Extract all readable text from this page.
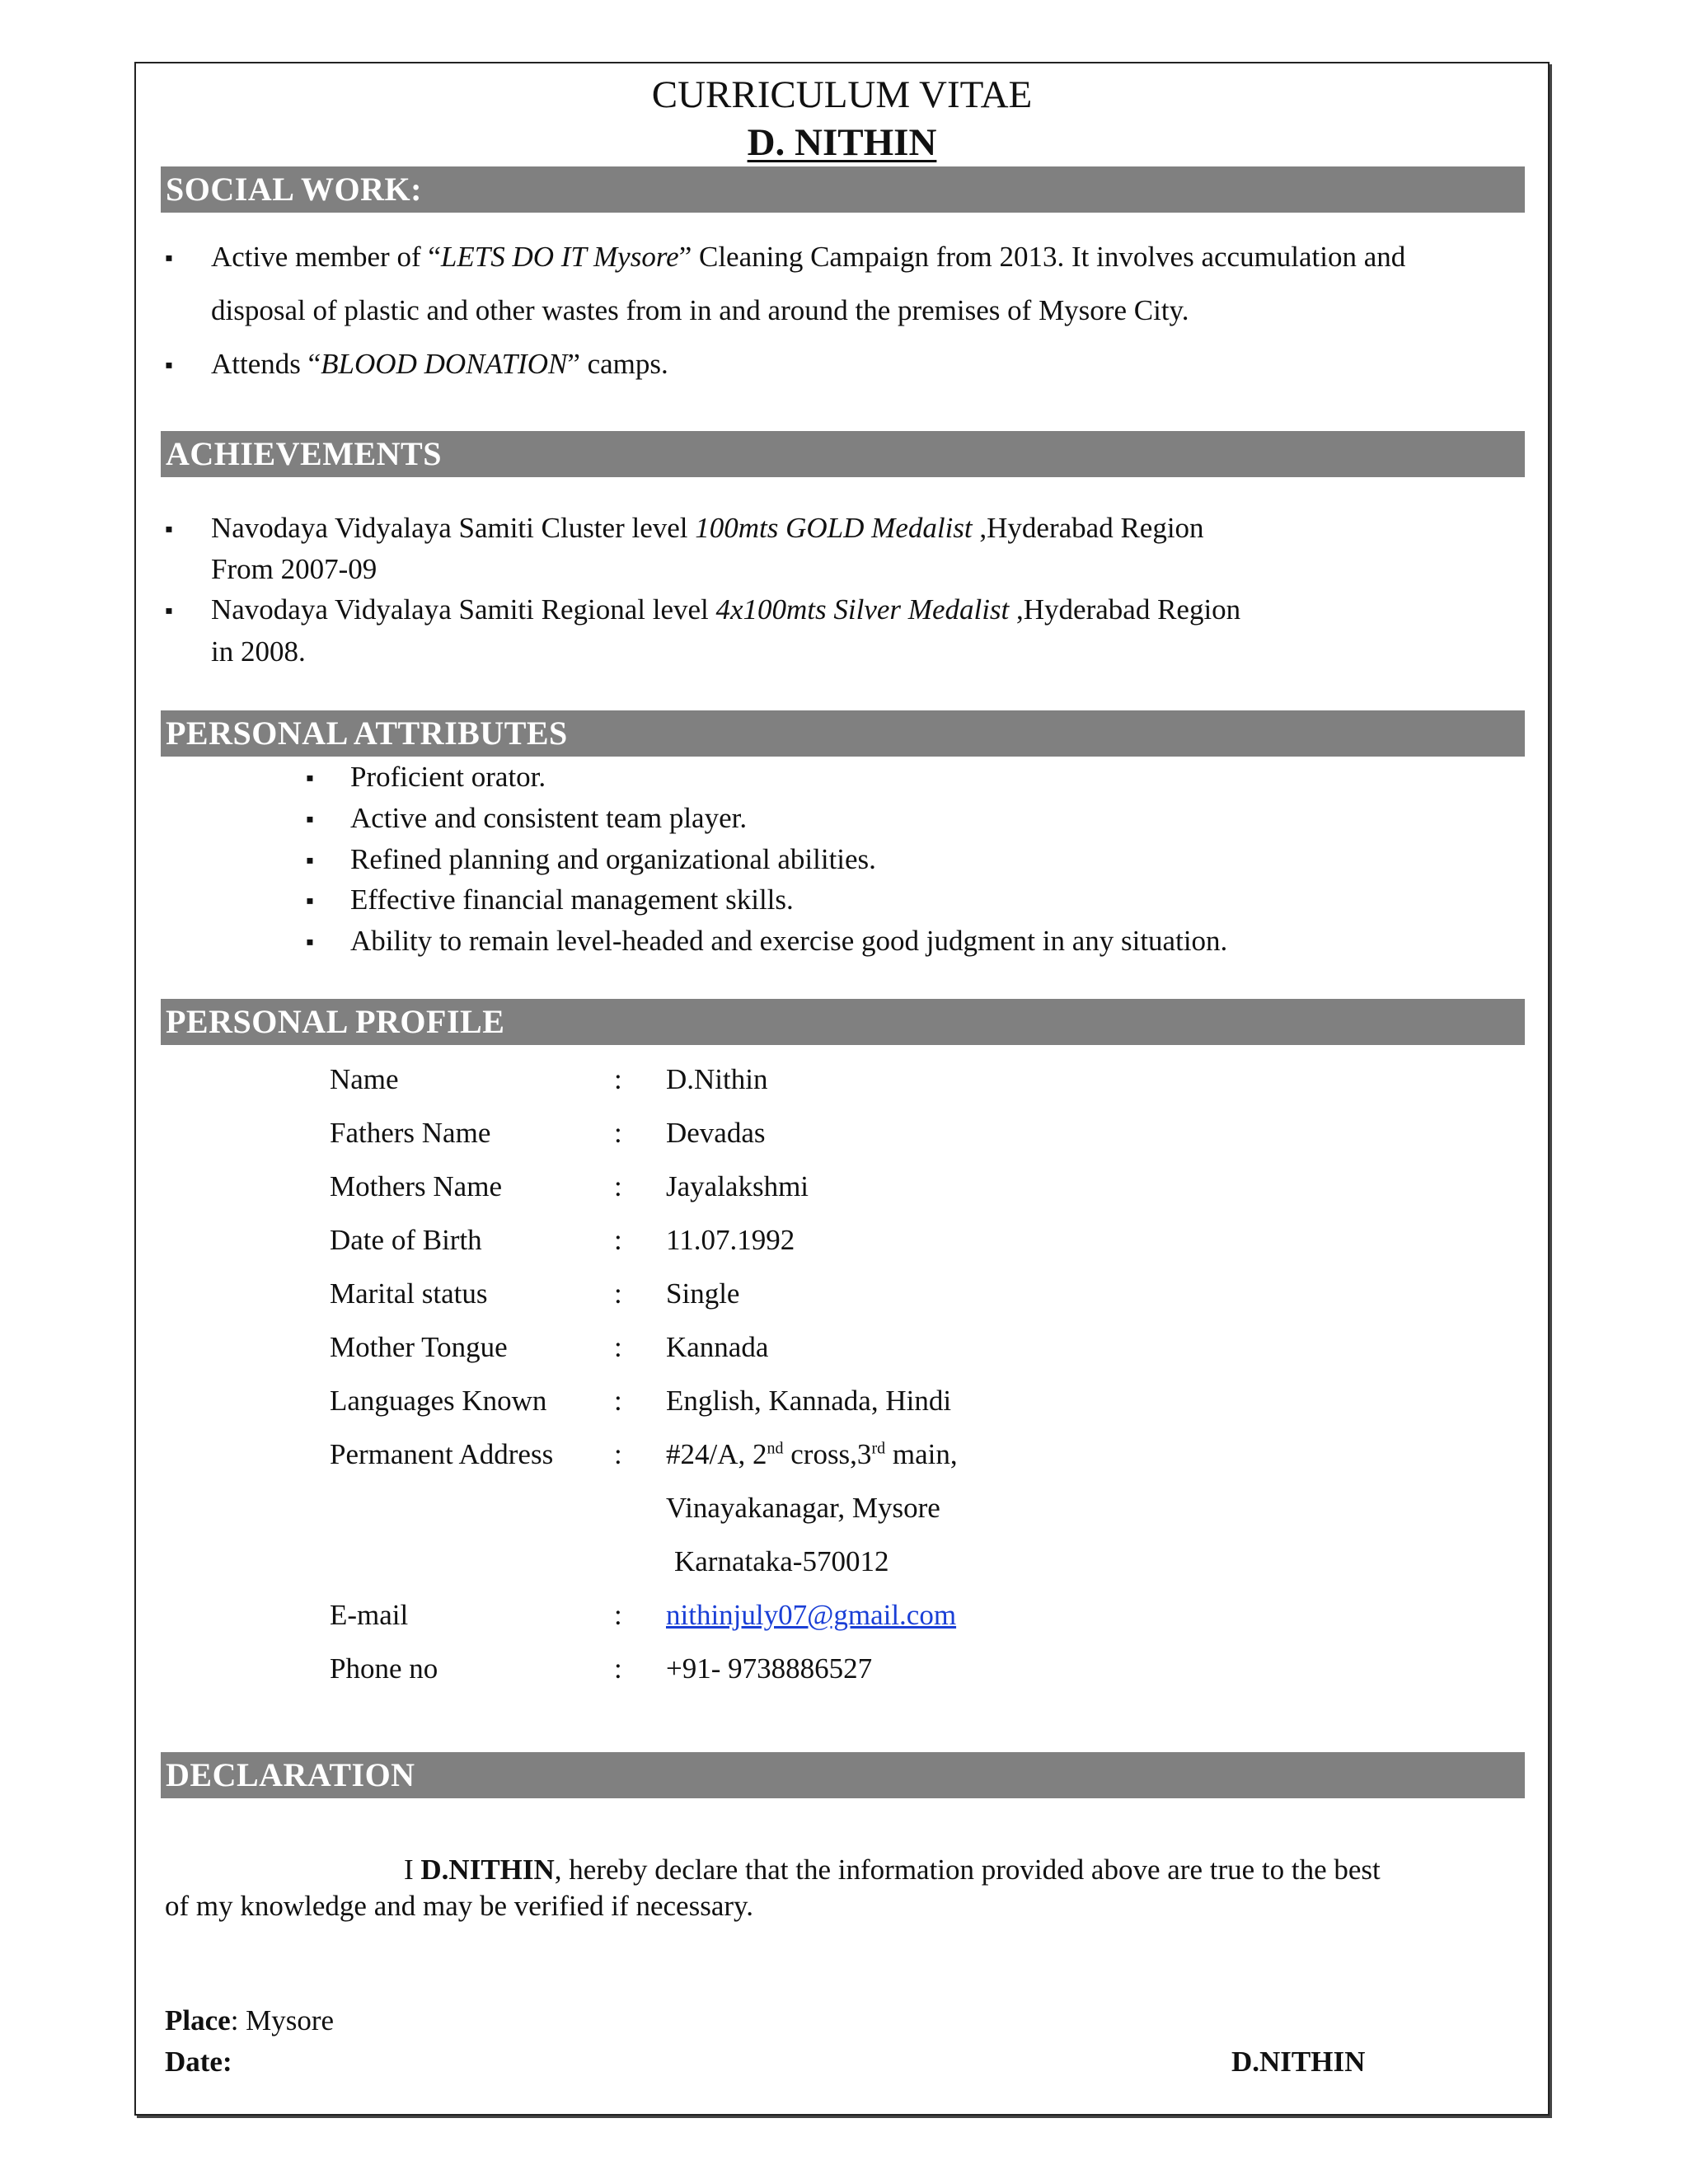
CURRICULUM VITAE
D. NITHIN
SOCIAL WORK:
▪
Active member of “LETS DO IT Mysore” Cleaning Campaign from 2013. It involves accumulation and
disposal of plastic and other wastes from in and around the premises of Mysore City.
▪
Attends “BLOOD DONATION” camps.
ACHIEVEMENTS
▪
Navodaya Vidyalaya Samiti Cluster level 100mts GOLD Medalist ,Hyderabad Region
From 2007-09
▪
Navodaya Vidyalaya Samiti Regional level 4x100mts Silver Medalist ,Hyderabad Region
in 2008.
PERSONAL ATTRIBUTES
▪
Proficient orator.
▪
Active and consistent team player.
▪
Refined planning and organizational abilities.
▪
Effective financial management skills.
▪
Ability to remain level-headed and exercise good judgment in any situation.
PERSONAL PROFILE
Name	: D.Nithin
Fathers Name	: Devadas
Mothers Name	: Jayalakshmi
Date of Birth	: 11.07.1992
Marital status	: Single
Mother Tongue	: Kannada
Languages Known : English, Kannada, Hindi
Permanent Address : #24/A, 2nd cross,3rd main,
Vinayakanagar, Mysore
Karnataka-570012
E-mail	: nithinjuly07@gmail.com
Phone no	: +91- 9738886527
DECLARATION
I D.NITHIN, hereby declare that the information provided above are true to the best
of my knowledge and may be verified if necessary.
Place: Mysore
Date:	D.NITHIN
